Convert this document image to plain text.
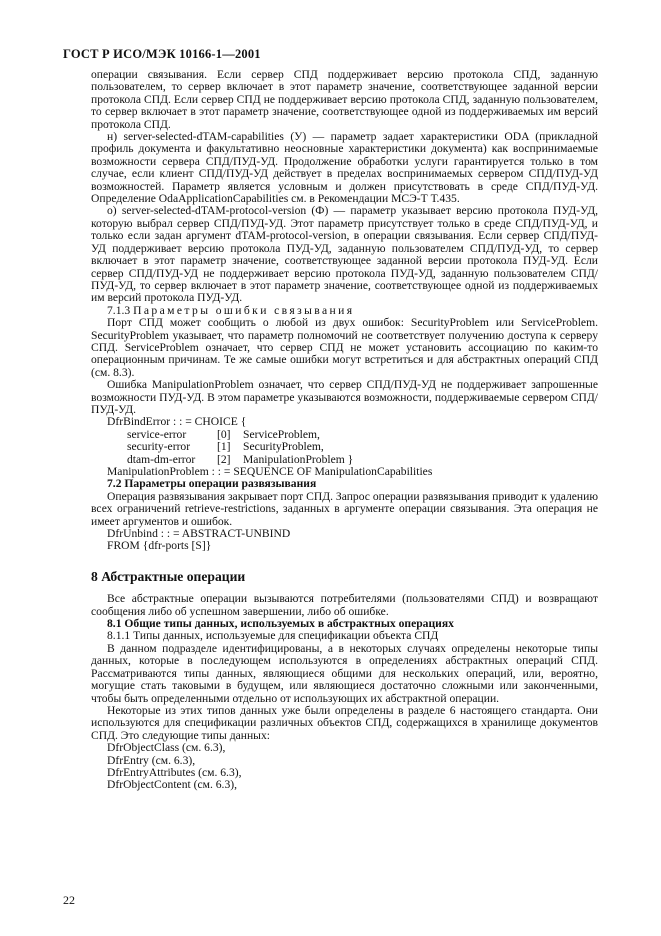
ГОСТ Р ИСО/МЭК 10166-1—2001

операции связывания. Если сервер СПД поддерживает версию протокола СПД, заданную пользователем, то сервер включает в этот параметр значение, соответствующее заданной версии протокола СПД. Если сервер СПД не поддерживает версию протокола СПД, заданную пользователем, то сервер включает в этот параметр значение, соответствующее одной из поддерживаемых им версий протокола СПД.

н) server-selected-dTAM-capabilities (У) — параметр задает характеристики ODA (прикладной профиль документа и факультативно неосновные характеристики документа) как воспринимаемые возможности сервера СПД/ПУД-УД. Продолжение обработки услуги гарантируется только в том случае, если клиент СПД/ПУД-УД действует в пределах воспринимаемых сервером СПД/ПУД-УД возможностей. Параметр является условным и должен присутствовать в среде СПД/ПУД-УД. Определение OdaApplicationCapabilities см. в Рекомендации МСЭ-Т Т.435.

о) server-selected-dTAM-protocol-version (Ф) — параметр указывает версию протокола ПУД-УД, которую выбрал сервер СПД/ПУД-УД. Этот параметр присутствует только в среде СПД/ПУД-УД, и только если задан аргумент dTAM-protocol-version, в операции связывания. Если сервер СПД/ПУД-УД поддерживает версию протокола ПУД-УД, заданную пользователем СПД/ПУД-УД, то сервер включает в этот параметр значение, соответствующее заданной версии протокола ПУД-УД. Если сервер СПД/ПУД-УД не поддерживает версию протокола ПУД-УД, заданную пользователем СПД/ПУД-УД, то сервер включает в этот параметр значение, соответствующее одной из поддерживаемых им версий протокола ПУД-УД.

7.1.3 Параметры ошибки связывания

Порт СПД может сообщить о любой из двух ошибок: SecurityProblem или ServiceProblem. SecurityProblem указывает, что параметр полномочий не соответствует получению доступа к серверу СПД. ServiceProblem означает, что сервер СПД не может установить ассоциацию по каким-то операционным причинам. Те же самые ошибки могут встретиться и для абстрактных операций СПД (см. 8.3).

Ошибка ManipulationProblem означает, что сервер СПД/ПУД-УД не поддерживает запрошенные возможности ПУД-УД. В этом параметре указываются возможности, поддерживаемые сервером СПД/ПУД-УД.

DfrBindError : : = CHOICE {
service-error	[0] ServiceProblem,
security-error [1] SecurityProblem,
dtam-dm-error [2] ManipulationProblem }
ManipulationProblem : : = SEQUENCE OF ManipulationCapabilities

7.2 Параметры операции развязывания

Операция развязывания закрывает порт СПД. Запрос операции развязывания приводит к удалению всех ограничений retrieve-restrictions, заданных в аргументе операции связывания. Эта операция не имеет аргументов и ошибок.

DfrUnbind : : = ABSTRACT-UNBIND
FROM {dfr-ports [S]}
8 Абстрактные операции

Все абстрактные операции вызываются потребителями (пользователями СПД) и возвращают сообщения либо об успешном завершении, либо об ошибке.

8.1 Общие типы данных, используемых в абстрактных операциях

8.1.1 Типы данных, используемые для спецификации объекта СПД

В данном подразделе идентифицированы, а в некоторых случаях определены некоторые типы данных, которые в последующем используются в определениях абстрактных операций СПД. Рассматриваются типы данных, являющиеся общими для нескольких операций, или, вероятно, могущие стать таковыми в будущем, или являющиеся достаточно сложными или законченными, чтобы быть определенными отдельно от использующих их абстрактной операции.

Некоторые из этих типов данных уже были определены в разделе 6 настоящего стандарта. Они используются для спецификации различных объектов СПД, содержащихся в хранилище документов СПД. Это следующие типы данных:

DfrObjectClass (см. 6.3),
DfrEntry (см. 6.3),
DfrEntryAttributes (см. 6.3),
DfrObjectContent (см. 6.3),
22
